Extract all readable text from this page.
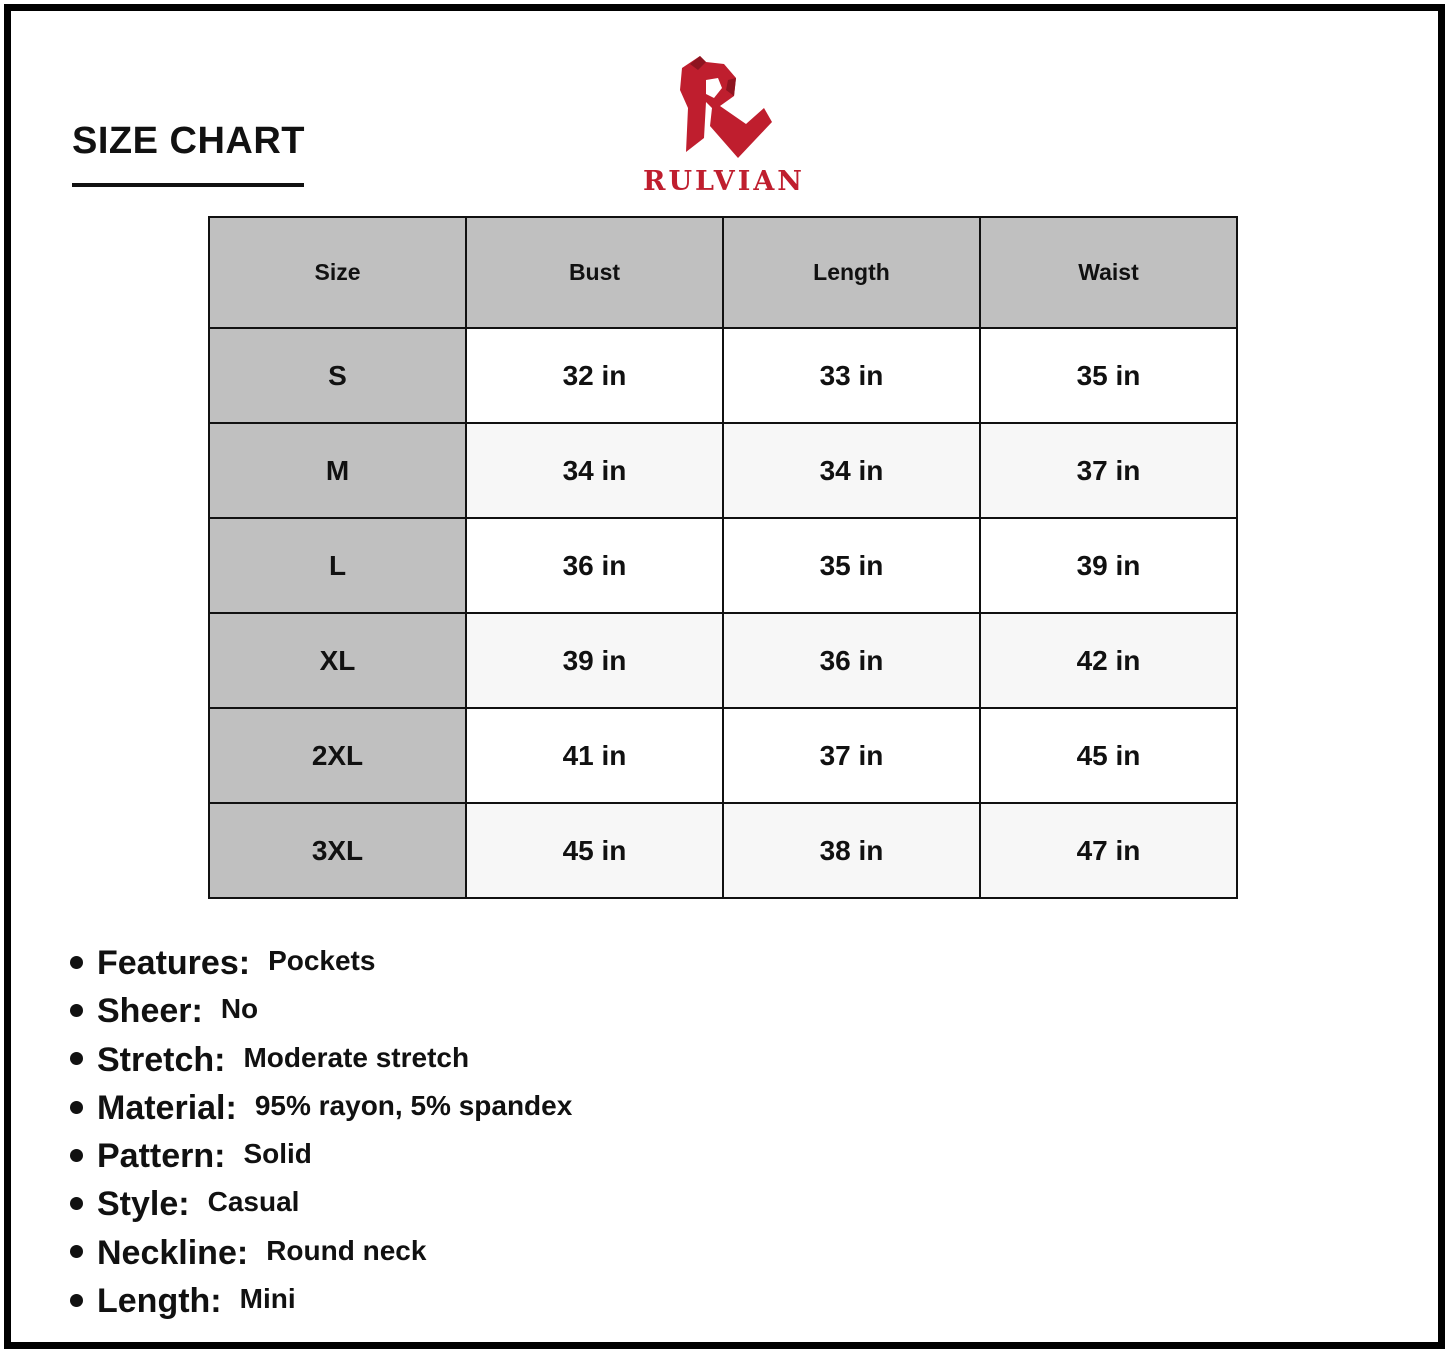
SIZE CHART
RULVIAN
Size	Bust	Length	Waist
S	32 in	33 in	35 in
M	34 in	34 in	37 in
L	36 in	35 in	39 in
XL	39 in	36 in	42 in
2XL	41 in	37 in	45 in
3XL	45 in	38 in	47 in
Features: Pockets
Sheer: No
Stretch: Moderate stretch
Material: 95% rayon, 5% spandex
Pattern: Solid
Style: Casual
Neckline: Round neck
Length: Mini
